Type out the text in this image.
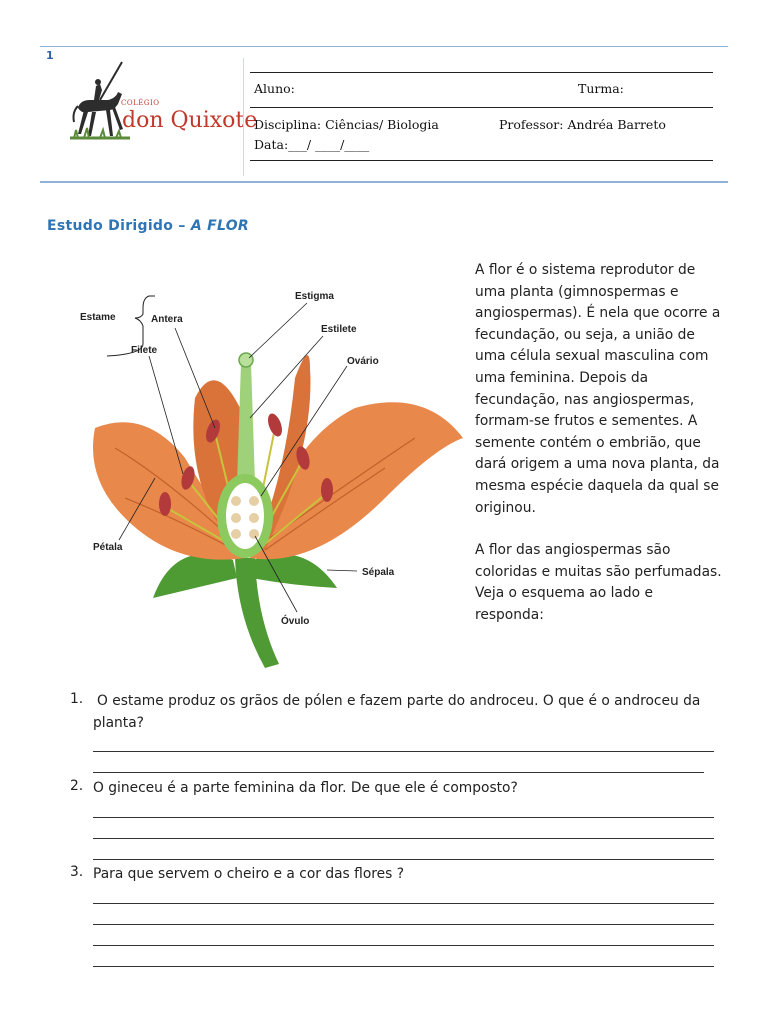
1
COLÉGIO
don Quixote
Aluno:	Turma:
Disciplina: Ciências/ Biologia	Professor: Andréa Barreto
Data:___/ ____/____
Estudo Dirigido – A FLOR
Estame	Antera
Filete
Estigma
Estilete
Ovário
Pétala
Sépala
Óvulo
A flor é o sistema reprodutor de uma planta (gimnospermas e angiospermas). É nela que ocorre a fecundação, ou seja, a união de uma célula sexual masculina com uma feminina. Depois da fecundação, nas angiospermas, formam-se frutos e sementes. A semente contém o embrião, que dará origem a uma nova planta, da mesma espécie daquela da qual se originou.
A flor das angiospermas são coloridas e muitas são perfumadas. Veja o esquema ao lado e responda:
1. O estame produz os grãos de pólen e fazem parte do androceu. O que é o androceu da planta?
2. O gineceu é a parte feminina da flor. De que ele é composto?
3. Para que servem o cheiro e a cor das flores ?
